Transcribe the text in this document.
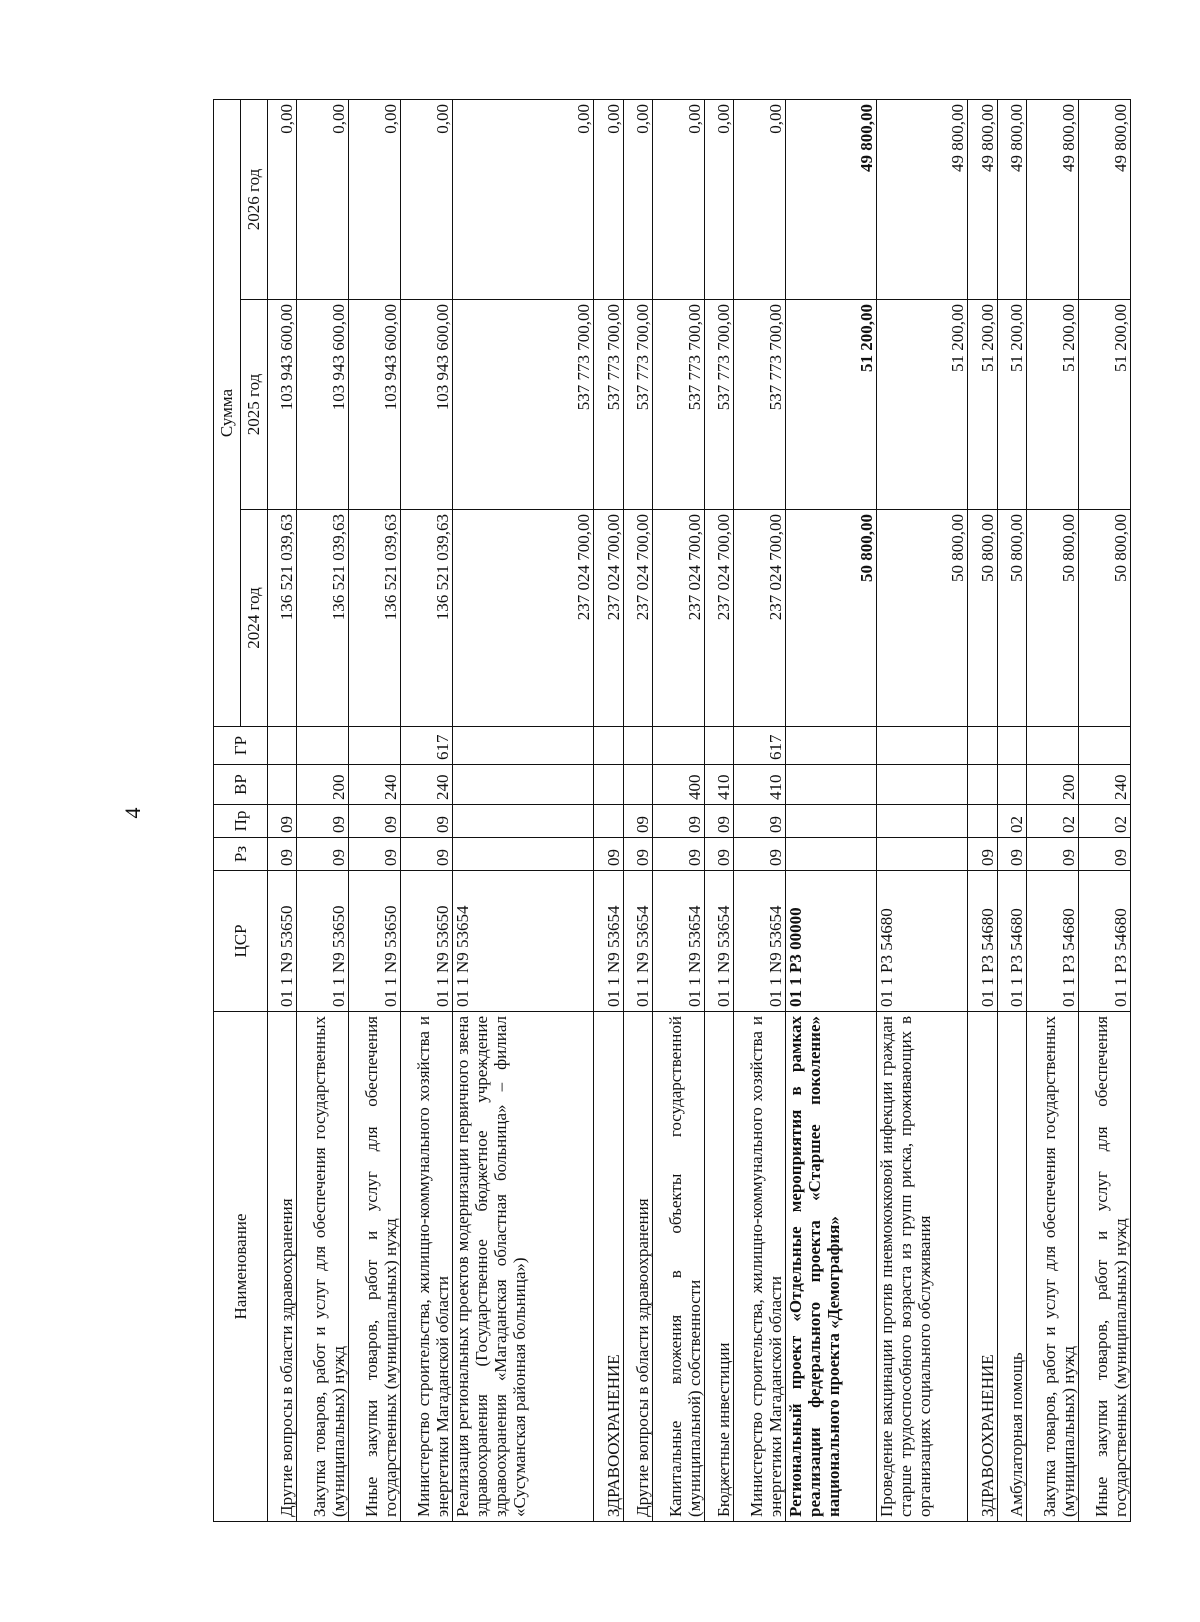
4
Наименование	ЦСР	Рз	Пр	ВР	ГР	Сумма		
						2024 год	2025 год	2026 год
Другие вопросы в области здравоохранения	01 1 N9 53650	09	09			136 521 039,63	103 943 600,00	0,00
Закупка товаров, работ и услуг для обеспечения государственных (муниципальных) нужд	01 1 N9 53650	09	09	200		136 521 039,63	103 943 600,00	0,00
Иные закупки товаров, работ и услуг для обеспечения государственных (муниципальных) нужд	01 1 N9 53650	09	09	240		136 521 039,63	103 943 600,00	0,00
Министерство строительства, жилищно-коммунального хозяйства и энергетики Магаданской области	01 1 N9 53650	09	09	240	617	136 521 039,63	103 943 600,00	0,00
Реализация региональных проектов модернизации первичного звена здравоохранения (Государственное бюджетное учреждение здравоохранения «Магаданская областная больница» – филиал «Сусуманская районная больница»)	01 1 N9 53654					237 024 700,00	537 773 700,00	0,00
ЗДРАВООХРАНЕНИЕ	01 1 N9 53654	09				237 024 700,00	537 773 700,00	0,00
Другие вопросы в области здравоохранения	01 1 N9 53654	09	09			237 024 700,00	537 773 700,00	0,00
Капитальные вложения в объекты государственной (муниципальной) собственности	01 1 N9 53654	09	09	400		237 024 700,00	537 773 700,00	0,00
Бюджетные инвестиции	01 1 N9 53654	09	09	410		237 024 700,00	537 773 700,00	0,00
Министерство строительства, жилищно-коммунального хозяйства и энергетики Магаданской области	01 1 N9 53654	09	09	410	617	237 024 700,00	537 773 700,00	0,00
Региональный проект «Отдельные мероприятия в рамках реализации федерального проекта «Старшее поколение» национального проекта «Демография»	01 1 P3 00000					50 800,00	51 200,00	49 800,00
Проведение вакцинации против пневмококковой инфекции граждан старше трудоспособного возраста из групп риска, проживающих в организациях социального обслуживания	01 1 P3 54680					50 800,00	51 200,00	49 800,00
ЗДРАВООХРАНЕНИЕ	01 1 P3 54680	09				50 800,00	51 200,00	49 800,00
Амбулаторная помощь	01 1 P3 54680	09	02			50 800,00	51 200,00	49 800,00
Закупка товаров, работ и услуг для обеспечения государственных (муниципальных) нужд	01 1 P3 54680	09	02	200		50 800,00	51 200,00	49 800,00
Иные закупки товаров, работ и услуг для обеспечения государственных (муниципальных) нужд	01 1 P3 54680	09	02	240		50 800,00	51 200,00	49 800,00
